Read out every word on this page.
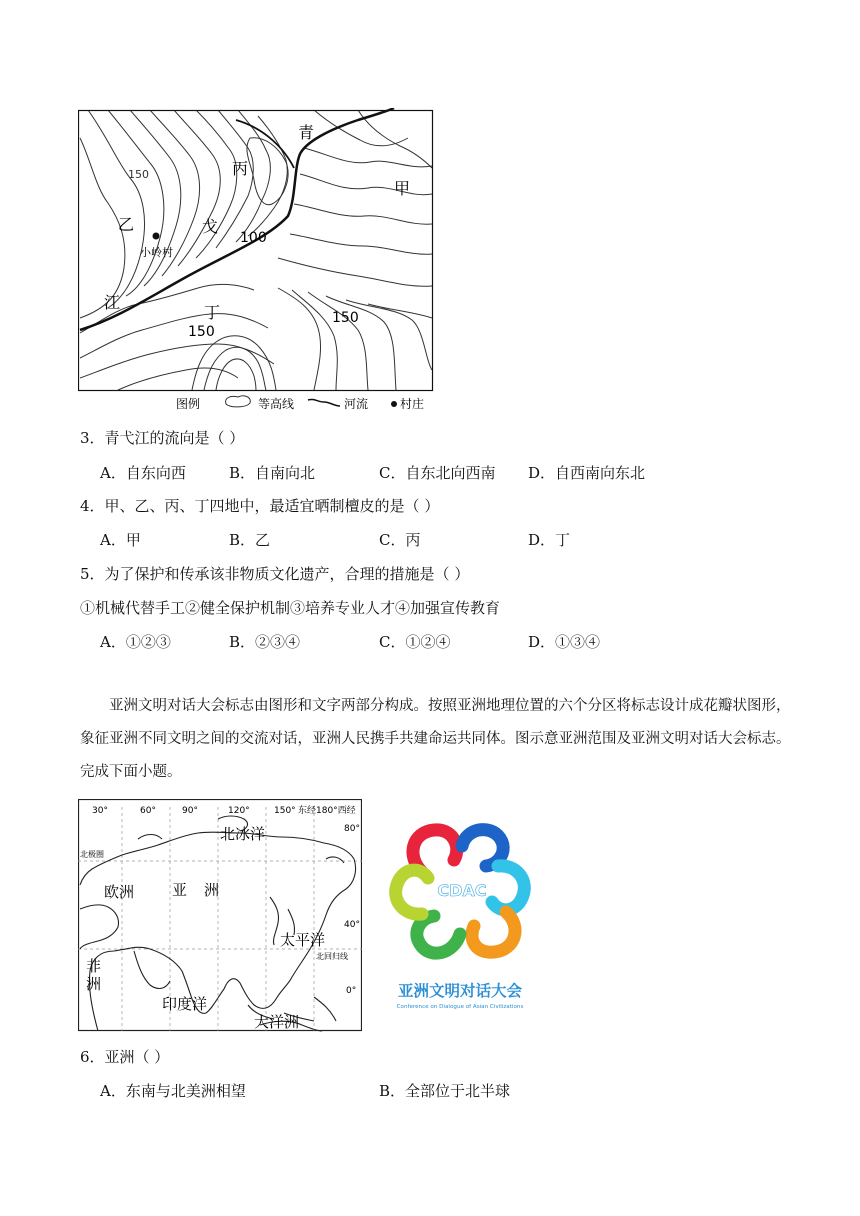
青
甲
丙
乙	戈
江
丁
150
100
150
150
小岭村
图例	等高线	河流	村庄
3．青弋江的流向是（ ）
A．自东向西	B．自南向北	C．自东北向西南 D．自西南向东北
4．甲、乙、丙、丁四地中，最适宜晒制檀皮的是（ ）
A．甲	B．乙	C．丙	D．丁
5．为了保护和传承该非物质文化遗产，合理的措施是（ ）
①机械代替手工②健全保护机制③培养专业人才④加强宣传教育
A．①②③	B．②③④	C．①②④	D．①③④
亚洲文明对话大会标志由图形和文字两部分构成。按照亚洲地理位置的六个分区将标志设计成花瓣状图形，象征亚洲不同文明之间的交流对话，亚洲人民携手共建命运共同体。图示意亚洲范围及亚洲文明对话大会标志。完成下面小题。
30°	60°	90°	120°	150° 东经180°西经
80°
40°
0°
北极圈
北回归线
北冰洋
欧洲	亚 洲
太平洋
非
洲
印度洋
大洋洲
CDAC
亚洲文明对话大会
Conference on Dialogue of Asian Civilizations
6．亚洲（ ）
A．东南与北美洲相望	B．全部位于北半球
